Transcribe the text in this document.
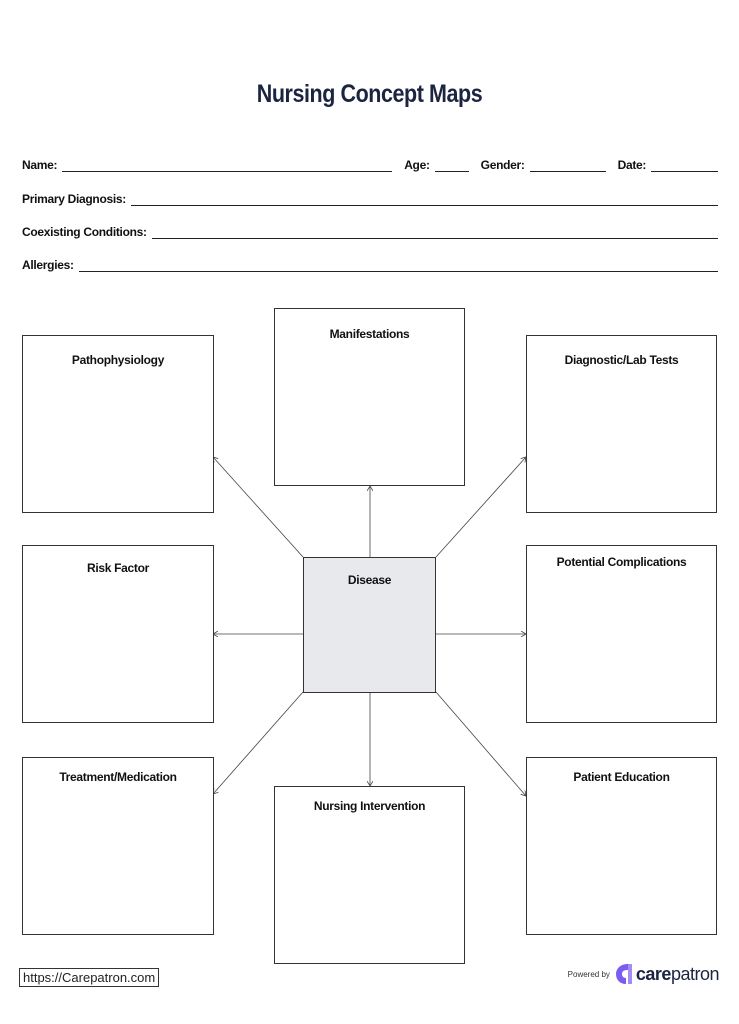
Nursing Concept Maps
Name:	Age:	Gender:	Date:
Primary Diagnosis:
Coexisting Conditions:
Allergies:
Manifestations
Pathophysiology	Diagnostic/Lab Tests
Disease
Risk Factor	Potential Complications
Treatment/Medication
Nursing Intervention
Patient Education
https://Carepatron.com	Powered by carepatron
